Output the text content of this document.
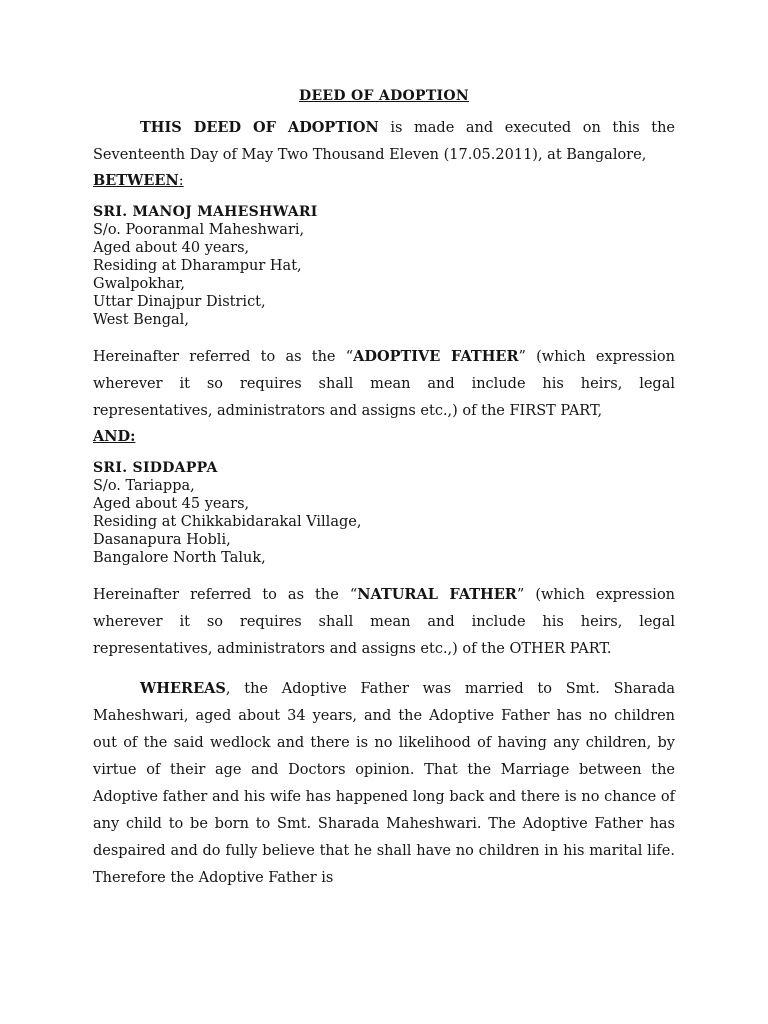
DEED OF ADOPTION

THIS DEED OF ADOPTION is made and executed on this the Seventeenth Day of May Two Thousand Eleven (17.05.2011), at Bangalore,

BETWEEN:
SRI. MANOJ MAHESHWARI
S/o. Pooranmal Maheshwari,
Aged about 40 years,
Residing at Dharampur Hat,
Gwalpokhar,
Uttar Dinajpur District,
West Bengal,

Hereinafter referred to as the “ADOPTIVE FATHER” (which expression wherever it so requires shall mean and include his heirs, legal representatives, administrators and assigns etc.,) of the FIRST PART,

AND:
SRI. SIDDAPPA
S/o. Tariappa,
Aged about 45 years,
Residing at Chikkabidarakal Village,
Dasanapura Hobli,
Bangalore North Taluk,

Hereinafter referred to as the “NATURAL FATHER” (which expression wherever it so requires shall mean and include his heirs, legal representatives, administrators and assigns etc.,) of the OTHER PART.

WHEREAS, the Adoptive Father was married to Smt. Sharada Maheshwari, aged about 34 years, and the Adoptive Father has no children out of the said wedlock and there is no likelihood of having any children, by virtue of their age and Doctors opinion. That the Marriage between the Adoptive father and his wife has happened long back and there is no chance of any child to be born to Smt. Sharada Maheshwari. The Adoptive Father has despaired and do fully believe that he shall have no children in his marital life. Therefore the Adoptive Father is
